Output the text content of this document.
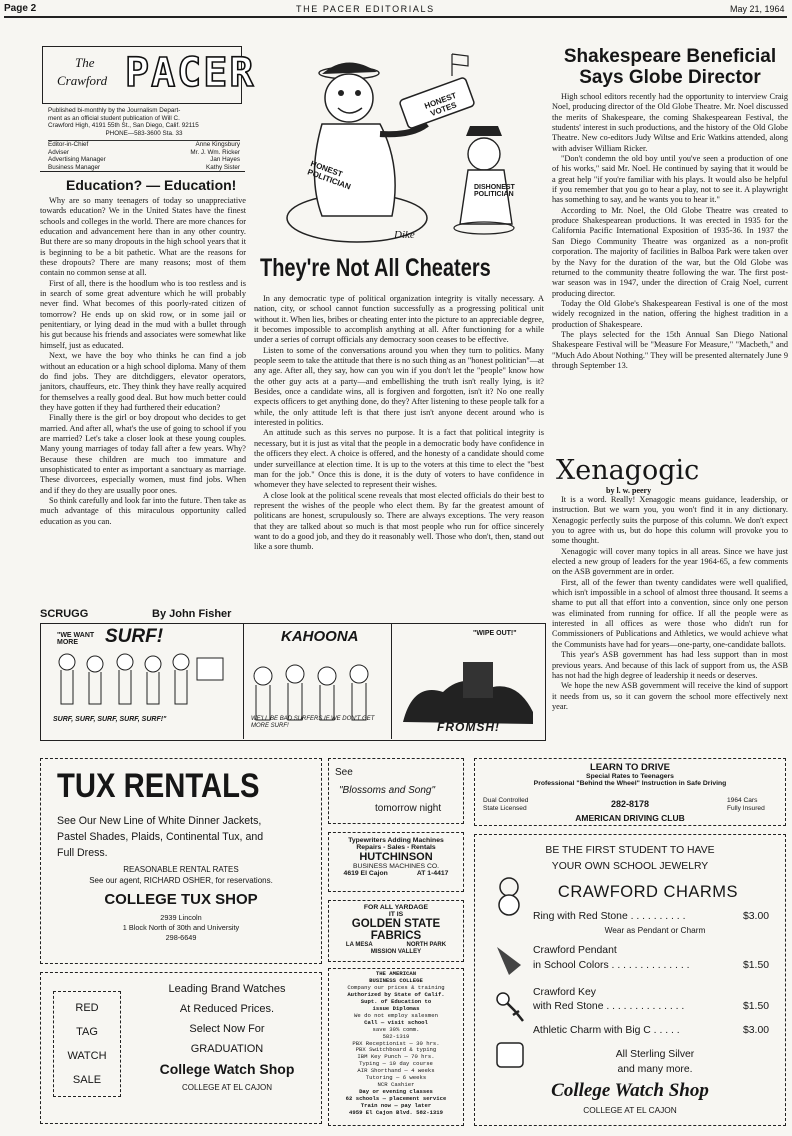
Page 2	THE PACER EDITORIALS	May 21, 1964
The
Crawford PACER
Published bi-monthly by the Journalism Depart-
ment as an official student publication of Will C.
Crawford High, 4191 55th St., San Diego, Calif. 92115
PHONE—583-3600 Sta. 33
Editor-in-Chief	Anne Kingsbury
Adviser	Mr. J. Wm. Ricker
Advertising Manager	Jan Hayes
Business Manager	Kathy Sister
Education? — Education!

Why are so many teenagers of today so unappreciative towards education? We in the United States have the finest schools and colleges in the world. There are more chances for education and advancement here than in any other country. But there are so many dropouts in the high school years that it is beginning to be a bit pathetic. What are the reasons for these dropouts? There are many reasons; most of them contain no common sense at all.

First of all, there is the hoodlum who is too restless and is in search of some great adventure which he will probably never find. What becomes of this poorly-rated citizen of tomorrow? He ends up on skid row, or in some jail or penitentiary, or lying dead in the mud with a bullet through his gut because his friends and associates were somewhat like himself, just as educated.

Next, we have the boy who thinks he can find a job without an education or a high school diploma. Many of them do find jobs. They are ditchdiggers, elevator operators, janitors, chauffeurs, etc. They think they have really acquired for themselves a really good deal. But how much better could they have gotten if they had furthered their education?

Finally there is the girl or boy dropout who decides to get married. And after all, what's the use of going to school if you are married? Let's take a closer look at these young couples. Many young marriages of today fall after a few years. Why? Because these children are much too immature and unsophisticated to enter as important a sanctuary as marriage. These divorcees, especially women, must find jobs. When and if they do they are usually poor ones.

So think carefully and look far into the future. Then take as much advantage of this miraculous opportunity called education as you can.

HONEST POLITICIAN
HONEST VOTES
DISHONEST POLITICIAN
Dike
They're Not All Cheaters

In any democratic type of political organization integrity is vitally necessary. A nation, city, or school cannot function successfully as a progressing political unit without it. When lies, bribes or cheating enter into the picture to an appreciable degree, it becomes impossible to accomplish anything at all. After functioning for a while under a series of corrupt officials any democracy soon ceases to be effective.

Listen to some of the conversations around you when they turn to politics. Many people seem to take the attitude that there is no such thing as an "honest politician"—at any age. After all, they say, how can you win if you don't let the "people" know how the other guy acts at a party—and embellishing the truth isn't really lying, is it? Besides, once a candidate wins, all is forgiven and forgotten, isn't it? No one really expects officers to get anything done, do they? After listening to these people talk for a while, the only attitude left is that there just isn't anyone decent around who is interested in politics.

An attitude such as this serves no purpose. It is a fact that political integrity is necessary, but it is just as vital that the people in a democratic body have confidence in the officers they elect. A choice is offered, and the honesty of a candidate should come under surveillance at election time. It is up to the voters at this time to elect the "best man for the job." Once this is done, it is the duty of voters to have confidence in whomever they have selected to represent their wishes.

A close look at the political scene reveals that most elected officials do their best to represent the wishes of the people who elect them. By far the greatest amount of politicans are honest, scrupulously so. There are always exceptions. The very reason that they are talked about so much is that most people who run for office sincerely want to do a good job, and they do it reasonably well. Those who don't, then, stand out like a sore thumb.

SCRUGG	By John Fisher
"WE WANT MORE	SURF!	KAHOONA	"WIPE OUT!"
SURF, SURF, SURF, SURF, SURF!"	WE'LL BE BAD SURFERS IF WE DON'T GET MORE SURF!	FROMSH!
Shakespeare Beneficial
Says Globe Director

High school editors recently had the opportunity to interview Craig Noel, producing director of the Old Globe Theatre. Mr. Noel discussed the merits of Shakespeare, the coming Shakespearean Festival, the students' interest in such productions, and the history of the Old Globe Theatre. New co-editors Judy Wiltse and Eric Watkins attended, along with adviser William Ricker.

"Don't condemn the old boy until you've seen a production of one of his works," said Mr. Noel. He continued by saying that it would be a great help "if you're familiar with his plays. It would also be helpful if you remember that you go to hear a play, not to see it. A playwright has something to say, and he wants you to hear it."

According to Mr. Noel, the Old Globe Theatre was created to produce Shakespearean productions. It was erected in 1935 for the California Pacific International Exposition of 1935-36. In 1937 the San Diego Community Theatre was organized as a non-profit corporation. The majority of facilities in Balboa Park were taken over by the Navy for the duration of the war, but the Old Globe was returned to the community theatre following the war. The first post-war season was in 1947, under the direction of Craig Noel, current producing director.

Today the Old Globe's Shakespearean Festival is one of the most widely recognized in the nation, offering the highest tradition in a production of Shakespeare.

The plays selected for the 15th Annual San Diego National Shakespeare Festival will be "Measure For Measure," "Macbeth," and "Much Ado About Nothing." They will be presented alternately June 9 through September 13.

Xenagogic
by l. w. peery

It is a word. Really! Xenagogic means guidance, leadership, or instruction. But we warn you, you won't find it in any dictionary. Xenagogic perfectly suits the purpose of this column. We don't expect you to agree with us, but do hope this column will provoke you to some thought.

Xenagogic will cover many topics in all areas. Since we have just elected a new group of leaders for the year 1964-65, a few comments on the ASB government are in order.

First, all of the fewer than twenty candidates were well qualified, which isn't impossible in a school of almost three thousand. It seems a shame to put all that effort into a convention, since only one person was eliminated from running for office. If all the people were as interested in all offices as were those who didn't run for Commissioners of Publications and Athletics, we would achieve what the Communists have had for years—one-party, one-candidate ballots.

This year's ASB government has had less support than in most previous years. And because of this lack of support from us, the ASB has not had the high degree of leadership it needs or deserves.

We hope the new ASB government will receive the kind of support it needs from us, so it can govern the school more effectively next year.

TUX RENTALS
See Our New Line of White Dinner Jackets,
Pastel Shades, Plaids, Continental Tux, and
Full Dress.
REASONABLE RENTAL RATES
See our agent, RICHARD OSHER, for reservations.
COLLEGE TUX SHOP
2939 Lincoln
1 Block North of 30th and University
298-6649
RED
TAG
WATCH
SALE
Leading Brand Watches
At Reduced Prices.
Select Now For
GRADUATION
College Watch Shop
COLLEGE AT EL CAJON
See
"Blossoms and Song"
tomorrow night
Typewriters Adding Machines
Repairs - Sales - Rentals
HUTCHINSON
BUSINESS MACHINES CO.
4619 El Cajon	AT 1-4417
FOR ALL YARDAGE
IT IS
GOLDEN STATE
FABRICS
LA MESA	NORTH PARK
MISSION VALLEY
THE AMERICAN
BUSINESS COLLEGE
Company our prices & training
Authorized by State of Calif.
Supt. of Education to
issue Diplomas
We do not employ salesmen
Call — visit school
save 30% comm.
582-1319
PBX Receptionist — 30 hrs.
PBX Switchboard & typing
IBM Key Punch — 70 hrs.
Typing — 10 day course
AIR Shorthand — 4 weeks
Tutoring — 6 weeks
NCR Cashier
Day or evening classes
62 schools — placement service
Train now — pay later
4959 El Cajon Blvd. 582-1319
LEARN TO DRIVE
Special Rates to Teenagers
Professional "Behind the Wheel" Instruction in Safe Driving
Dual Controlled
State Licensed	282-8178	1964 Cars
Fully Insured
AMERICAN DRIVING CLUB
BE THE FIRST STUDENT TO HAVE
YOUR OWN SCHOOL JEWELRY
CRAWFORD CHARMS
Ring with Red Stone . . . . . . . . . .	$3.00
Wear as Pendant or Charm
Crawford Pendant
in School Colors . . . . . . . . . . . . . .	$1.50
Crawford Key
with Red Stone . . . . . . . . . . . . . .	$1.50
Athletic Charm with Big C . . . . .	$3.00
All Sterling Silver
and many more.
College Watch Shop
COLLEGE AT EL CAJON
